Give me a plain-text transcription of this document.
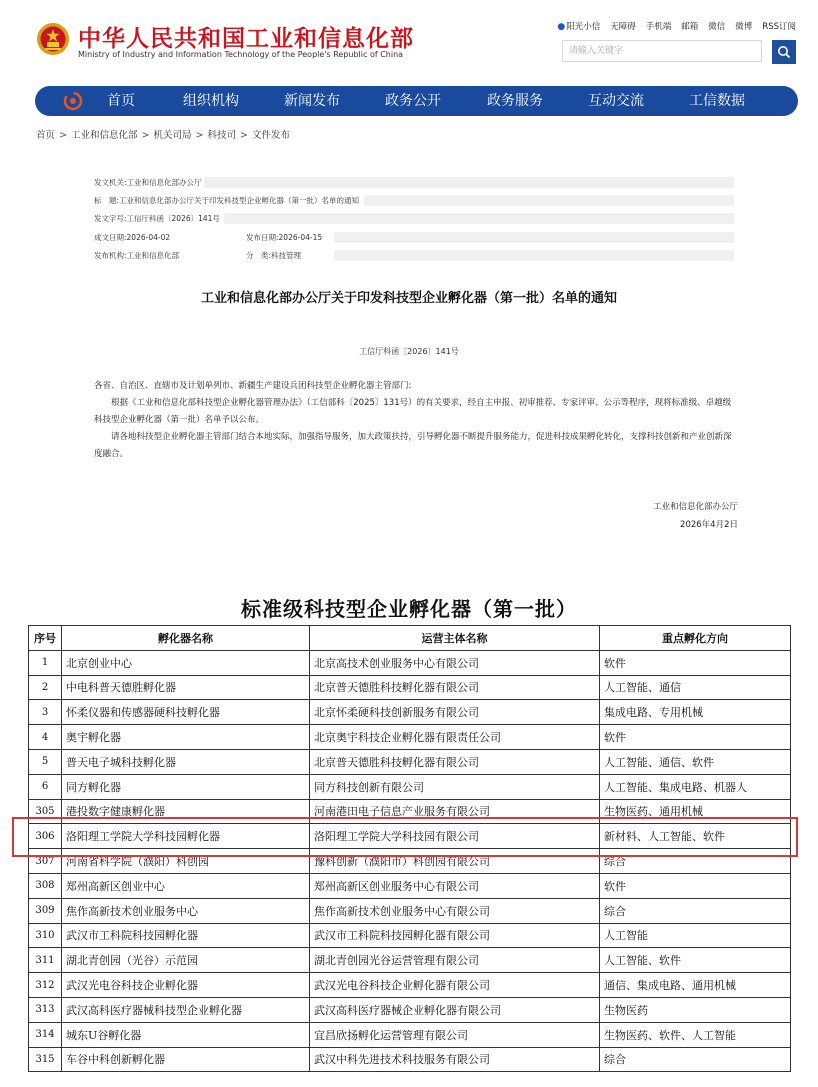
中华人民共和国工业和信息化部
Ministry of Industry and Information Technology of the People's Republic of China
●阳光小信 无障碍 手机端 邮箱 微信 微博 RSS订阅
请输入关键字
首页	组织机构	新闻发布	政务公开	政务服务	互动交流	工信数据
首页 > 工业和信息化部 > 机关司局 > 科技司 > 文件发布
发文机关:工业和信息化部办公厅
标　题:工业和信息化部办公厅关于印发科技型企业孵化器（第一批）名单的通知
发文字号:工信厅科函〔2026〕141号
成文日期:2026-04-02	发布日期:2026-04-15
发布机构:工业和信息化部	分　类:科技管理
工业和信息化部办公厅关于印发科技型企业孵化器（第一批）名单的通知
工信厅科函〔2026〕141号
各省、自治区、直辖市及计划单列市、新疆生产建设兵团科技型企业孵化器主管部门:
根据《工业和信息化部科技型企业孵化器管理办法》（工信部科〔2025〕131号）的有关要求，经自主申报、初审推荐、专家评审、公示等程序，现将标准级、卓越级科技型企业孵化器（第一批）名单予以公布。
请各地科技型企业孵化器主管部门结合本地实际，加强指导服务，加大政策扶持，引导孵化器不断提升服务能力，促进科技成果孵化转化，支撑科技创新和产业创新深度融合。
工业和信息化部办公厅
2026年4月2日
标准级科技型企业孵化器（第一批）
序号	孵化器名称	运营主体名称	重点孵化方向
1	北京创业中心	北京高技术创业服务中心有限公司	软件
2	中电科普天德胜孵化器	北京普天德胜科技孵化器有限公司	人工智能、通信
3	怀柔仪器和传感器硬科技孵化器	北京怀柔硬科技创新服务有限公司	集成电路、专用机械
4	奥宇孵化器	北京奥宇科技企业孵化器有限责任公司	软件
5	普天电子城科技孵化器	北京普天德胜科技孵化器有限公司	人工智能、通信、软件
6	同方孵化器	同方科技创新有限公司	人工智能、集成电路、机器人
305	港投数字健康孵化器	河南港田电子信息产业服务有限公司	生物医药、通用机械
306	洛阳理工学院大学科技园孵化器	洛阳理工学院大学科技园有限公司	新材料、人工智能、软件
307	河南省科学院（濮阳）科创园	豫科创新（濮阳市）科创园有限公司	综合
308	郑州高新区创业中心	郑州高新区创业服务中心有限公司	软件
309	焦作高新技术创业服务中心	焦作高新技术创业服务中心有限公司	综合
310	武汉市工科院科技园孵化器	武汉市工科院科技园孵化器有限公司	人工智能
311	湖北青创园（光谷）示范园	湖北青创园光谷运营管理有限公司	人工智能、软件
312	武汉光电谷科技企业孵化器	武汉光电谷科技企业孵化器有限公司	通信、集成电路、通用机械
313	武汉高科医疗器械科技型企业孵化器	武汉高科医疗器械企业孵化器有限公司	生物医药
314	城东U谷孵化器	宜昌欣扬孵化运营管理有限公司	生物医药、软件、人工智能
315	车谷中科创新孵化器	武汉中科先进技术科技服务有限公司	综合
